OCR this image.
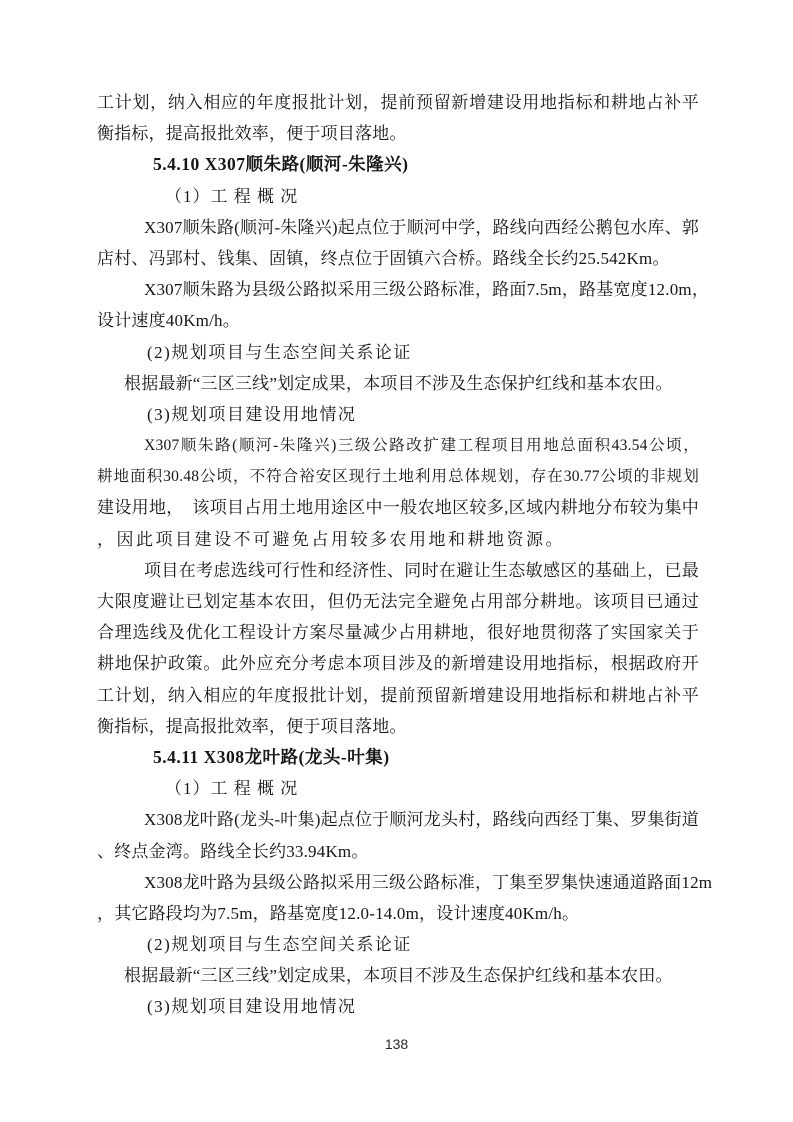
工计划，纳入相应的年度报批计划，提前预留新增建设用地指标和耕地占补平
衡指标，提高报批效率，便于项目落地。
5.4.10 X307顺朱路(顺河-朱隆兴)
（1）工 程 概 况
X307顺朱路(顺河-朱隆兴)起点位于顺河中学，路线向西经公鹅包水库、郭
店村、冯郢村、钱集、固镇，终点位于固镇六合桥。路线全长约25.542Km。
X307顺朱路为县级公路拟采用三级公路标准，路面7.5m，路基宽度12.0m，
设计速度40Km/h。
(2)规划项目与生态空间关系论证
根据最新“三区三线”划定成果，本项目不涉及生态保护红线和基本农田。
(3)规划项目建设用地情况
X307顺朱路(顺河-朱隆兴)三级公路改扩建工程项目用地总面积43.54公顷，
耕地面积30.48公顷，不符合裕安区现行土地利用总体规划，存在30.77公顷的非规划
建设用地，　该项目占用土地用途区中一般农地区较多,区域内耕地分布较为集中
，因此项目建设不可避免占用较多农用地和耕地资源。
项目在考虑选线可行性和经济性、同时在避让生态敏感区的基础上，已最
大限度避让已划定基本农田，但仍无法完全避免占用部分耕地。该项目已通过
合理选线及优化工程设计方案尽量减少占用耕地，很好地贯彻落了实国家关于
耕地保护政策。此外应充分考虑本项目涉及的新增建设用地指标，根据政府开
工计划，纳入相应的年度报批计划，提前预留新增建设用地指标和耕地占补平
衡指标，提高报批效率，便于项目落地。
5.4.11 X308龙叶路(龙头-叶集)
（1）工 程 概 况
X308龙叶路(龙头-叶集)起点位于顺河龙头村，路线向西经丁集、罗集街道
、终点金湾。路线全长约33.94Km。
X308龙叶路为县级公路拟采用三级公路标准，丁集至罗集快速通道路面12m
，其它路段均为7.5m，路基宽度12.0-14.0m，设计速度40Km/h。
(2)规划项目与生态空间关系论证
根据最新“三区三线”划定成果，本项目不涉及生态保护红线和基本农田。
(3)规划项目建设用地情况
138
